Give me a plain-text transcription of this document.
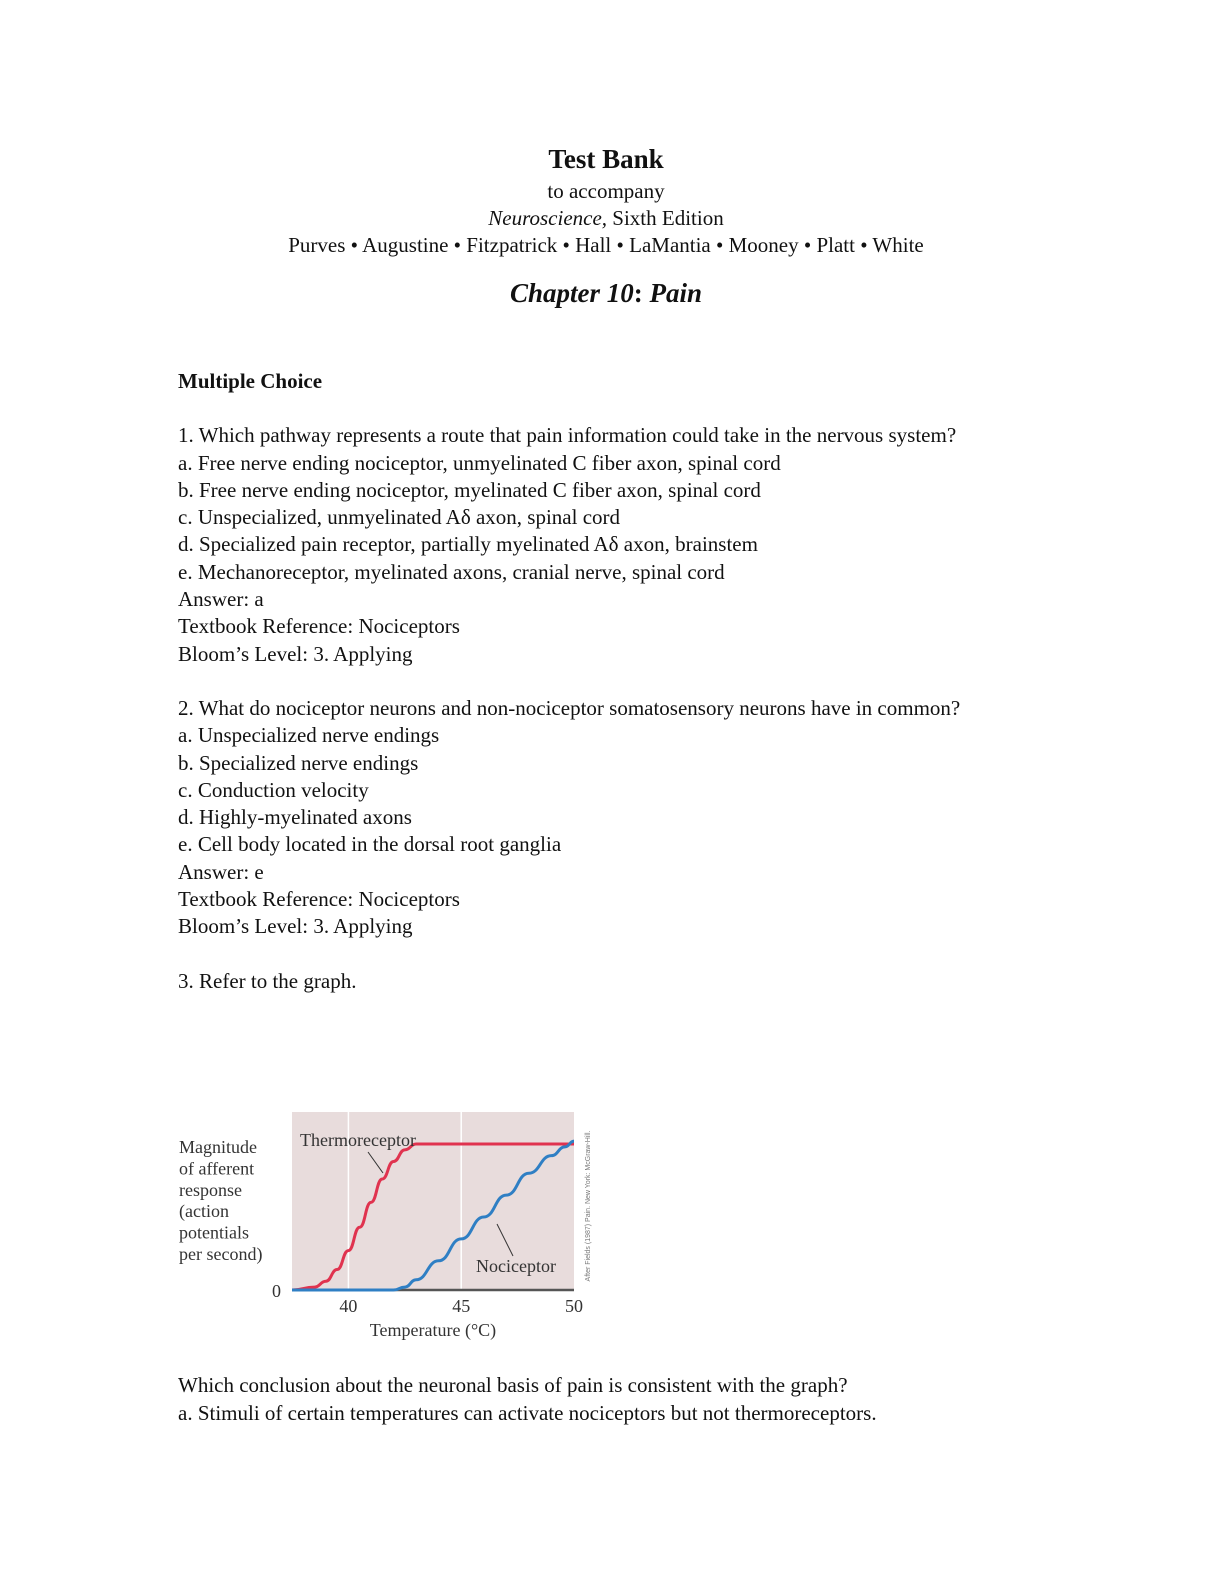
Test Bank
to accompany
Neuroscience, Sixth Edition
Purves • Augustine • Fitzpatrick • Hall • LaMantia • Mooney • Platt • White
Chapter 10: Pain
Multiple Choice
1. Which pathway represents a route that pain information could take in the nervous system?
a. Free nerve ending nociceptor, unmyelinated C fiber axon, spinal cord
b. Free nerve ending nociceptor, myelinated C fiber axon, spinal cord
c. Unspecialized, unmyelinated Aδ axon, spinal cord
d. Specialized pain receptor, partially myelinated Aδ axon, brainstem
e. Mechanoreceptor, myelinated axons, cranial nerve, spinal cord
Answer: a
Textbook Reference: Nociceptors
Bloom’s Level: 3. Applying
2. What do nociceptor neurons and non-nociceptor somatosensory neurons have in common?
a. Unspecialized nerve endings
b. Specialized nerve endings
c. Conduction velocity
d. Highly-myelinated axons
e. Cell body located in the dorsal root ganglia
Answer: e
Textbook Reference: Nociceptors
Bloom’s Level: 3. Applying
3. Refer to the graph.
Thermoreceptor
Nociceptor
Magnitude
of afferent
response
(action
potentials
per second)
0
40	45	50
Temperature (°C)
After Fields (1987) Pain. New York: McGraw-Hill.
Which conclusion about the neuronal basis of pain is consistent with the graph?
a. Stimuli of certain temperatures can activate nociceptors but not thermoreceptors.
